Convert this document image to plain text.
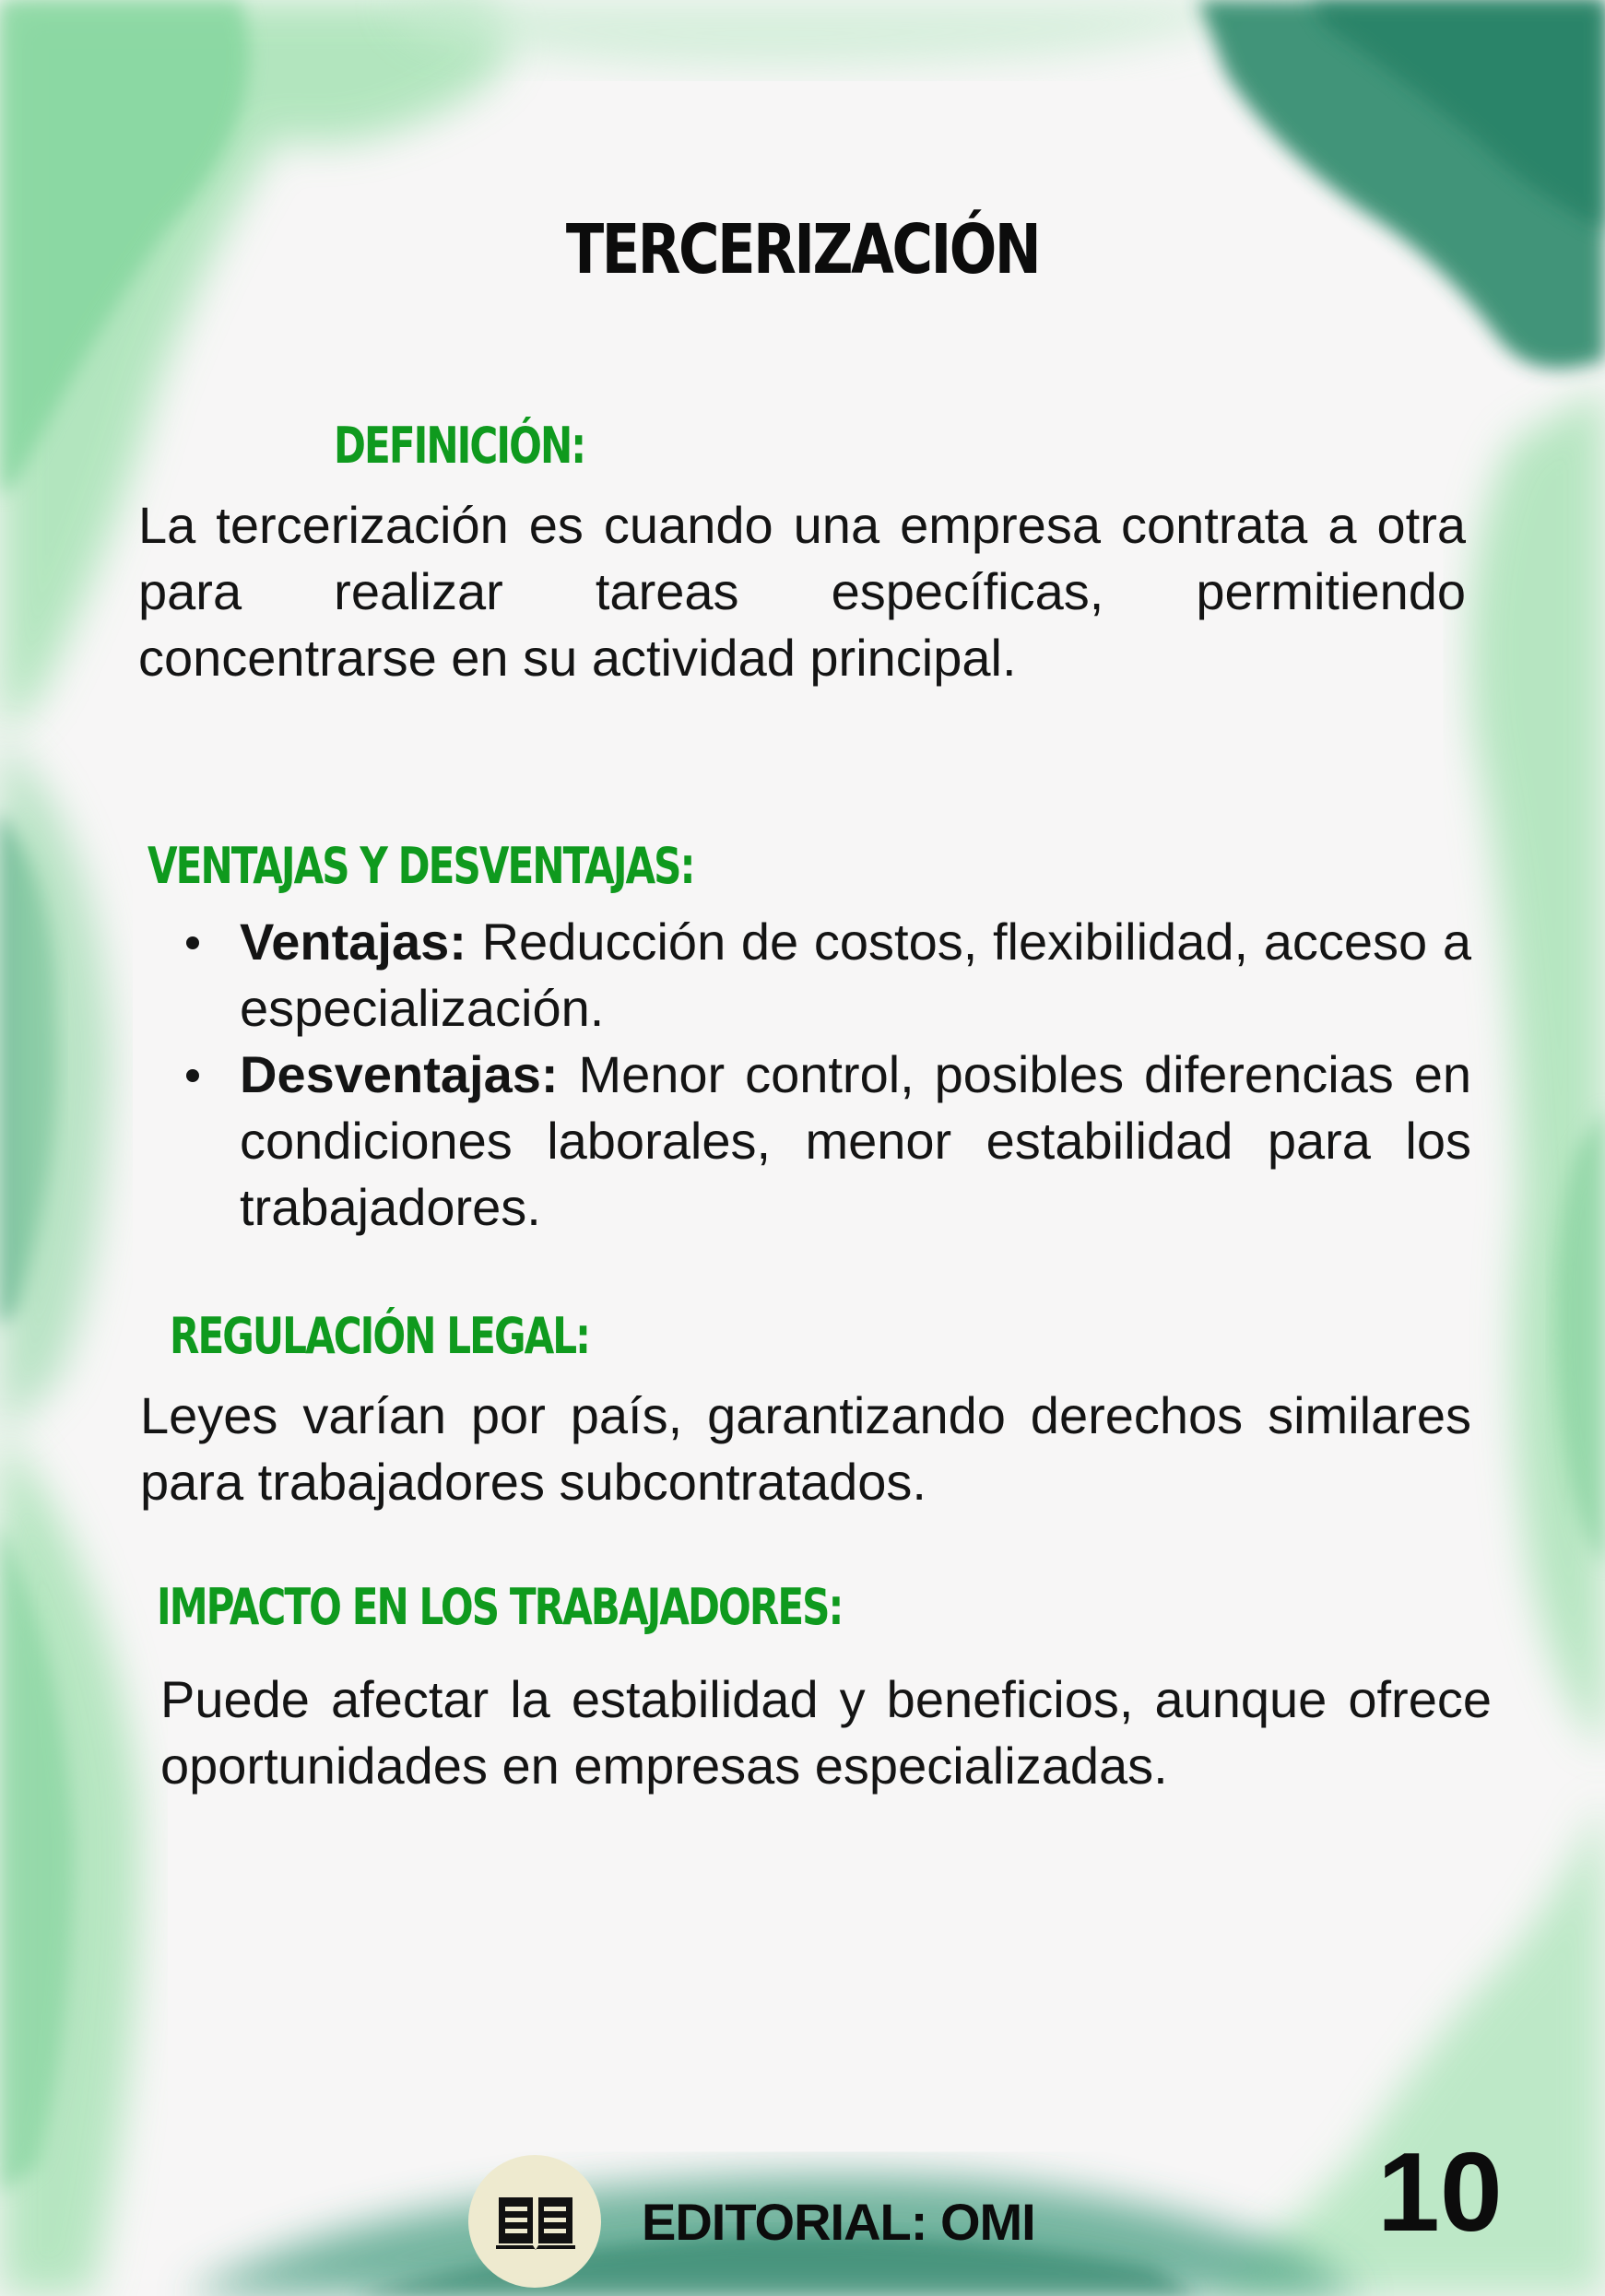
TERCERIZACIÓN
DEFINICIÓN:

La tercerización es cuando una empresa contrata a otra para realizar tareas específicas, permitiendo concentrarse en su actividad principal.

VENTAJAS Y DESVENTAJAS:
Ventajas: Reducción de costos, flexibilidad, acceso a especialización.
Desventajas: Menor control, posibles diferencias en condiciones laborales, menor estabilidad para los trabajadores.
REGULACIÓN LEGAL:

Leyes varían por país, garantizando derechos similares para trabajadores subcontratados.

IMPACTO EN LOS TRABAJADORES:

Puede afectar la estabilidad y beneficios, aunque ofrece oportunidades en empresas especializadas.

EDITORIAL: OMI	10
